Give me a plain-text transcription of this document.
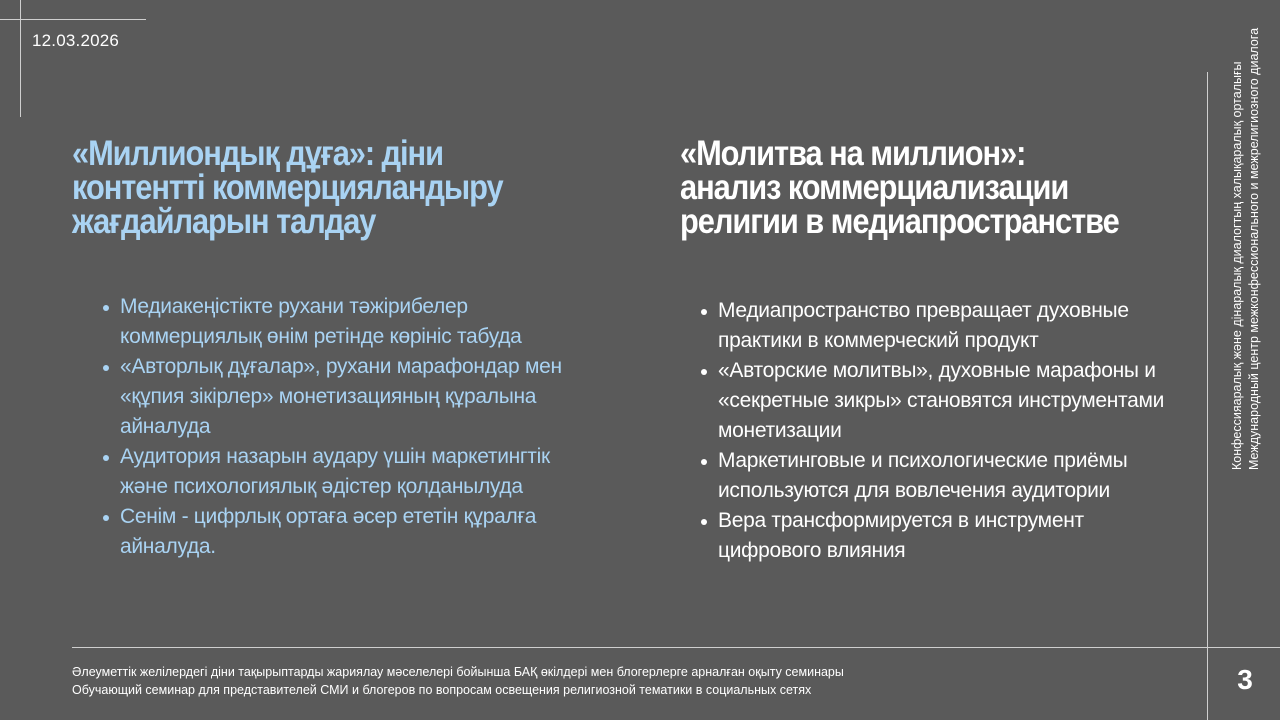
12.03.2026
«Миллиондық дұға»: діни
контентті коммерцияландыру
жағдайларын талдау
«Молитва на миллион»:
анализ коммерциализации
религии в медиапространстве
Медиакеңістікте рухани тәжірибелер коммерциялық өнім ретінде көрініс табуда
«Авторлық дұғалар», рухани марафондар мен «құпия зікірлер» монетизацияның құралына айналуда
Аудитория назарын аудару үшін маркетингтік және психологиялық әдістер қолданылуда
Сенім - цифрлық ортаға әсер ететін құралға айналуда.
Медиапространство превращает духовные практики в коммерческий продукт
«Авторские молитвы», духовные марафоны и «секретные зикры» становятся инструментами монетизации
Маркетинговые и психологические приёмы используются для вовлечения аудитории
Вера трансформируется в инструмент цифрового влияния
Конфессияаралық және дінаралық диалогтың халықаралық орталығы Международный центр межконфессионального и межрелигиозного диалога
Әлеуметтік желілердегі діни тақырыптарды жариялау мәселелері бойынша БАҚ өкілдері мен блогерлерге арналған оқыту семинары
Обучающий семинар для представителей СМИ и блогеров по вопросам освещения религиозной тематики в социальных сетях	3
